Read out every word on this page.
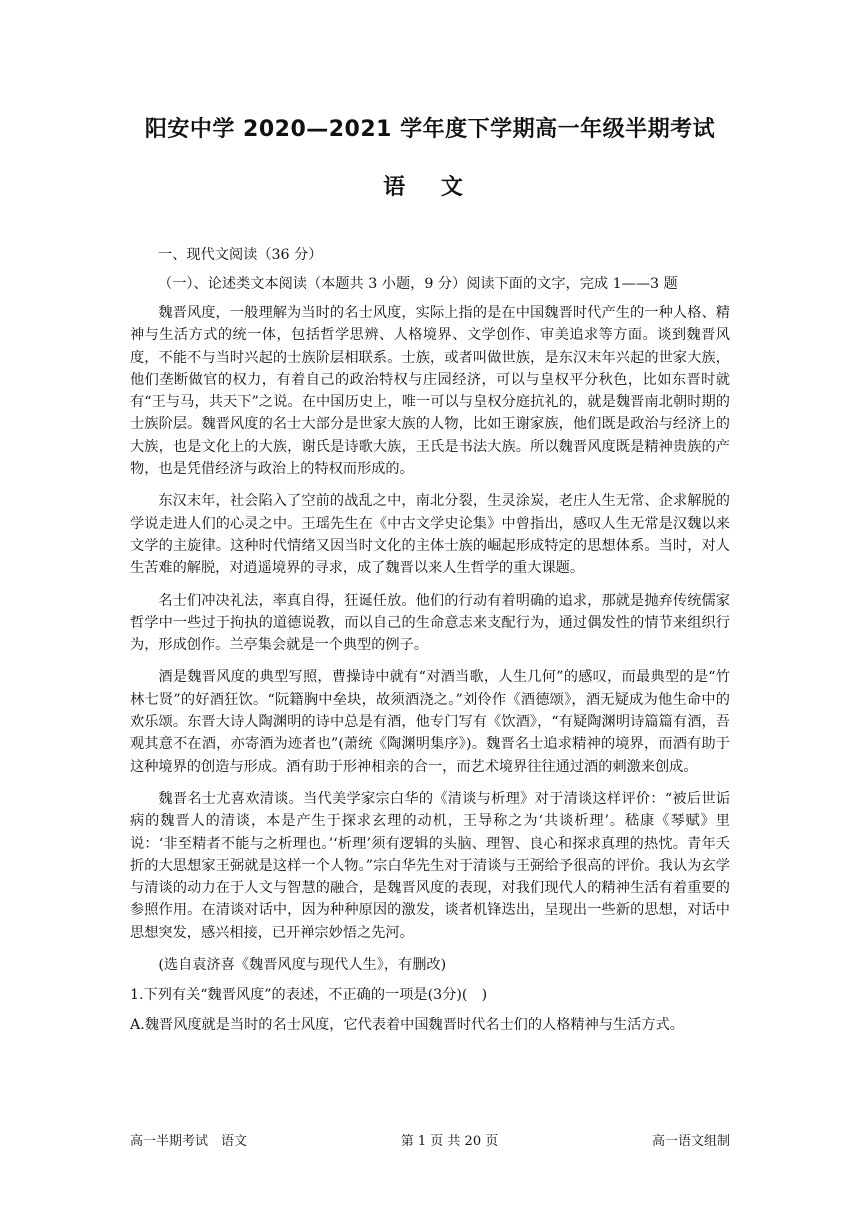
阳安中学 2020—2021 学年度下学期高一年级半期考试
语 文

一、现代文阅读（36 分）

（一）、论述类文本阅读（本题共 3 小题，9 分）阅读下面的文字，完成 1——3 题

魏晋风度，一般理解为当时的名士风度，实际上指的是在中国魏晋时代产生的一种人格、精神与生活方式的统一体，包括哲学思辨、人格境界、文学创作、审美追求等方面。谈到魏晋风度，不能不与当时兴起的士族阶层相联系。士族，或者叫做世族，是东汉末年兴起的世家大族，他们垄断做官的权力，有着自己的政治特权与庄园经济，可以与皇权平分秋色，比如东晋时就有“王与马，共天下”之说。在中国历史上，唯一可以与皇权分庭抗礼的，就是魏晋南北朝时期的士族阶层。魏晋风度的名士大部分是世家大族的人物，比如王谢家族，他们既是政治与经济上的大族，也是文化上的大族，谢氏是诗歌大族，王氏是书法大族。所以魏晋风度既是精神贵族的产物，也是凭借经济与政治上的特权而形成的。

东汉末年，社会陷入了空前的战乱之中，南北分裂，生灵涂炭，老庄人生无常、企求解脱的学说走进人们的心灵之中。王瑶先生在《中古文学史论集》中曾指出，感叹人生无常是汉魏以来文学的主旋律。这种时代情绪又因当时文化的主体士族的崛起形成特定的思想体系。当时，对人生苦难的解脱，对逍遥境界的寻求，成了魏晋以来人生哲学的重大课题。

名士们冲决礼法，率真自得，狂诞任放。他们的行动有着明确的追求，那就是抛弃传统儒家哲学中一些过于拘执的道德说教，而以自己的生命意志来支配行为，通过偶发性的情节来组织行为，形成创作。兰亭集会就是一个典型的例子。

酒是魏晋风度的典型写照，曹操诗中就有“对酒当歌，人生几何”的感叹，而最典型的是“竹林七贤”的好酒狂饮。“阮籍胸中垒块，故须酒浇之。”刘伶作《酒德颂》，酒无疑成为他生命中的欢乐颂。东晋大诗人陶渊明的诗中总是有酒，他专门写有《饮酒》，“有疑陶渊明诗篇篇有酒，吾观其意不在酒，亦寄酒为迹者也”(萧统《陶渊明集序》)。魏晋名士追求精神的境界，而酒有助于这种境界的创造与形成。酒有助于形神相亲的合一，而艺术境界往往通过酒的刺激来创成。

魏晋名士尤喜欢清谈。当代美学家宗白华的《清谈与析理》对于清谈这样评价：“被后世诟病的魏晋人的清谈，本是产生于探求玄理的动机，王导称之为‘共谈析理’。嵇康《琴赋》里说：‘非至精者不能与之析理也。’‘析理’须有逻辑的头脑、理智、良心和探求真理的热忱。青年夭折的大思想家王弼就是这样一个人物。”宗白华先生对于清谈与王弼给予很高的评价。我认为玄学与清谈的动力在于人文与智慧的融合，是魏晋风度的表现，对我们现代人的精神生活有着重要的参照作用。在清谈对话中，因为种种原因的激发，谈者机锋迭出，呈现出一些新的思想，对话中思想突发，感兴相接，已开禅宗妙悟之先河。

(选自袁济喜《魏晋风度与现代人生》，有删改)

1.下列有关“魏晋风度”的表述，不正确的一项是(3分)(　)

A.魏晋风度就是当时的名士风度，它代表着中国魏晋时代名士们的人格精神与生活方式。

高一半期考试　语文	第 1 页 共 20 页	高一语文组制
